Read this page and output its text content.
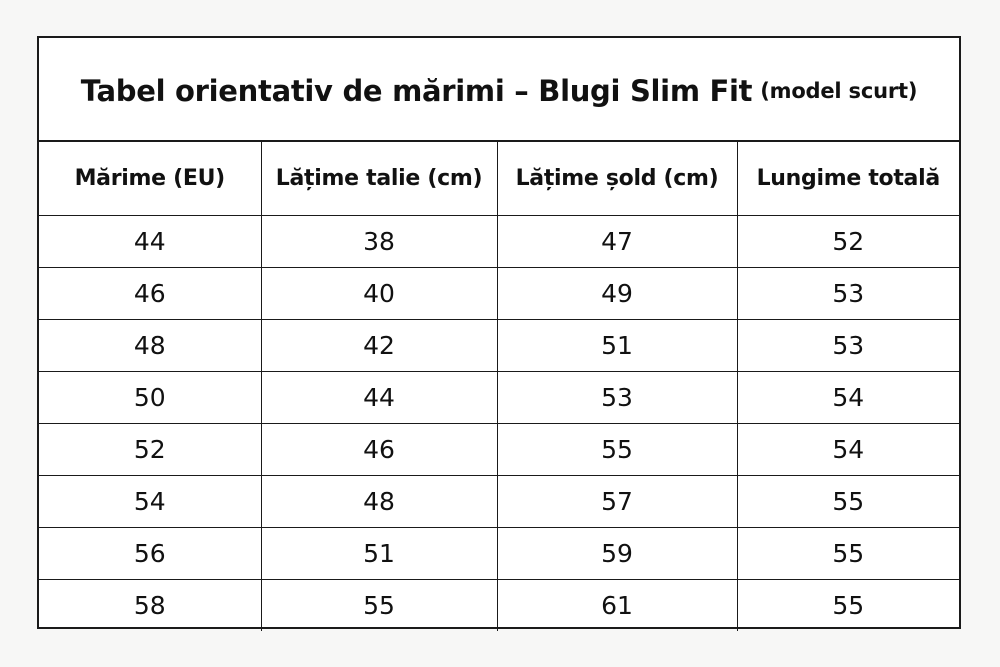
Tabel orientativ de mărimi – Blugi Slim Fit (model scurt)
Mărime (EU)	Lățime talie (cm)	Lățime șold (cm)	Lungime totală
44	38	47	52
46	40	49	53
48	42	51	53
50	44	53	54
52	46	55	54
54	48	57	55
56	51	59	55
58	55	61	55
